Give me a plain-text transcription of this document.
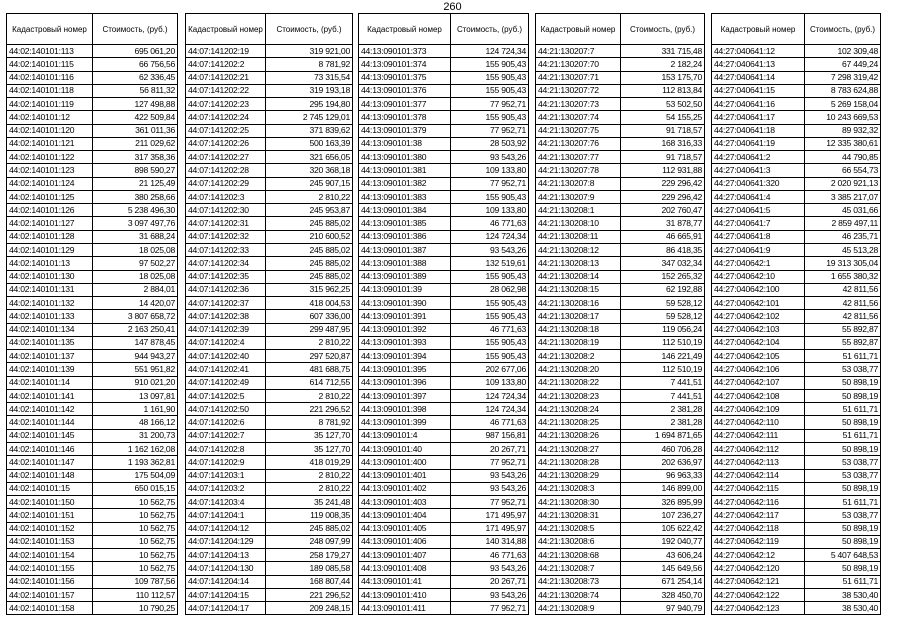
260
Кадастровый номер	Стоимость, (руб.)
44:02:140101:113	695 061,20
44:02:140101:115	66 756,56
44:02:140101:116	62 336,45
44:02:140101:118	56 811,32
44:02:140101:119	127 498,88
44:02:140101:12	422 509,84
44:02:140101:120	361 011,36
44:02:140101:121	211 029,62
44:02:140101:122	317 358,36
44:02:140101:123	898 590,27
44:02:140101:124	21 125,49
44:02:140101:125	380 258,66
44:02:140101:126	5 238 496,30
44:02:140101:127	3 097 497,76
44:02:140101:128	31 688,24
44:02:140101:129	18 025,08
44:02:140101:13	97 502,27
44:02:140101:130	18 025,08
44:02:140101:131	2 884,01
44:02:140101:132	14 420,07
44:02:140101:133	3 807 658,72
44:02:140101:134	2 163 250,41
44:02:140101:135	147 878,45
44:02:140101:137	944 943,27
44:02:140101:139	551 951,82
44:02:140101:14	910 021,20
44:02:140101:141	13 097,81
44:02:140101:142	1 161,90
44:02:140101:144	48 166,12
44:02:140101:145	31 200,73
44:02:140101:146	1 162 162,08
44:02:140101:147	1 193 362,81
44:02:140101:148	175 504,09
44:02:140101:15	650 015,15
44:02:140101:150	10 562,75
44:02:140101:151	10 562,75
44:02:140101:152	10 562,75
44:02:140101:153	10 562,75
44:02:140101:154	10 562,75
44:02:140101:155	10 562,75
44:02:140101:156	109 787,56
44:02:140101:157	110 112,57
44:02:140101:158	10 790,25
Кадастровый номер	Стоимость, (руб.)
44:07:141202:19	319 921,00
44:07:141202:2	8 781,92
44:07:141202:21	73 315,54
44:07:141202:22	319 193,18
44:07:141202:23	295 194,80
44:07:141202:24	2 745 129,01
44:07:141202:25	371 839,62
44:07:141202:26	500 163,39
44:07:141202:27	321 656,05
44:07:141202:28	320 368,18
44:07:141202:29	245 907,15
44:07:141202:3	2 810,22
44:07:141202:30	245 953,87
44:07:141202:31	245 885,02
44:07:141202:32	210 600,52
44:07:141202:33	245 885,02
44:07:141202:34	245 885,02
44:07:141202:35	245 885,02
44:07:141202:36	315 962,25
44:07:141202:37	418 004,53
44:07:141202:38	607 336,00
44:07:141202:39	299 487,95
44:07:141202:4	2 810,22
44:07:141202:40	297 520,87
44:07:141202:41	481 688,75
44:07:141202:49	614 712,55
44:07:141202:5	2 810,22
44:07:141202:50	221 296,52
44:07:141202:6	8 781,92
44:07:141202:7	35 127,70
44:07:141202:8	35 127,70
44:07:141202:9	418 019,29
44:07:141203:1	2 810,22
44:07:141203:2	2 810,22
44:07:141203:4	35 241,48
44:07:141204:1	119 008,35
44:07:141204:12	245 885,02
44:07:141204:129	248 097,99
44:07:141204:13	258 179,27
44:07:141204:130	189 085,58
44:07:141204:14	168 807,44
44:07:141204:15	221 296,52
44:07:141204:17	209 248,15
Кадастровый номер	Стоимость, (руб.)
44:13:090101:373	124 724,34
44:13:090101:374	155 905,43
44:13:090101:375	155 905,43
44:13:090101:376	155 905,43
44:13:090101:377	77 952,71
44:13:090101:378	155 905,43
44:13:090101:379	77 952,71
44:13:090101:38	28 503,92
44:13:090101:380	93 543,26
44:13:090101:381	109 133,80
44:13:090101:382	77 952,71
44:13:090101:383	155 905,43
44:13:090101:384	109 133,80
44:13:090101:385	46 771,63
44:13:090101:386	124 724,34
44:13:090101:387	93 543,26
44:13:090101:388	132 519,61
44:13:090101:389	155 905,43
44:13:090101:39	28 062,98
44:13:090101:390	155 905,43
44:13:090101:391	155 905,43
44:13:090101:392	46 771,63
44:13:090101:393	155 905,43
44:13:090101:394	155 905,43
44:13:090101:395	202 677,06
44:13:090101:396	109 133,80
44:13:090101:397	124 724,34
44:13:090101:398	124 724,34
44:13:090101:399	46 771,63
44:13:090101:4	987 156,81
44:13:090101:40	20 267,71
44:13:090101:400	77 952,71
44:13:090101:401	93 543,26
44:13:090101:402	93 543,26
44:13:090101:403	77 952,71
44:13:090101:404	171 495,97
44:13:090101:405	171 495,97
44:13:090101:406	140 314,88
44:13:090101:407	46 771,63
44:13:090101:408	93 543,26
44:13:090101:41	20 267,71
44:13:090101:410	93 543,26
44:13:090101:411	77 952,71
Кадастровый номер	Стоимость, (руб.)
44:21:130207:7	331 715,48
44:21:130207:70	2 182,24
44:21:130207:71	153 175,70
44:21:130207:72	112 813,84
44:21:130207:73	53 502,50
44:21:130207:74	54 155,25
44:21:130207:75	91 718,57
44:21:130207:76	168 316,33
44:21:130207:77	91 718,57
44:21:130207:78	112 931,88
44:21:130207:8	229 296,42
44:21:130207:9	229 296,42
44:21:130208:1	202 760,47
44:21:130208:10	31 878,77
44:21:130208:11	46 665,91
44:21:130208:12	86 418,35
44:21:130208:13	347 032,34
44:21:130208:14	152 265,32
44:21:130208:15	62 192,88
44:21:130208:16	59 528,12
44:21:130208:17	59 528,12
44:21:130208:18	119 056,24
44:21:130208:19	112 510,19
44:21:130208:2	146 221,49
44:21:130208:20	112 510,19
44:21:130208:22	7 441,51
44:21:130208:23	7 441,51
44:21:130208:24	2 381,28
44:21:130208:25	2 381,28
44:21:130208:26	1 694 871,65
44:21:130208:27	460 706,28
44:21:130208:28	202 636,97
44:21:130208:29	96 963,33
44:21:130208:3	146 899,00
44:21:130208:30	326 895,99
44:21:130208:31	107 236,27
44:21:130208:5	105 622,42
44:21:130208:6	192 040,77
44:21:130208:68	43 606,24
44:21:130208:7	145 649,56
44:21:130208:73	671 254,14
44:21:130208:74	328 450,70
44:21:130208:9	97 940,79
Кадастровый номер	Стоимость, (руб.)
44:27:040641:12	102 309,48
44:27:040641:13	67 449,24
44:27:040641:14	7 298 319,42
44:27:040641:15	8 783 624,88
44:27:040641:16	5 269 158,04
44:27:040641:17	10 243 669,53
44:27:040641:18	89 932,32
44:27:040641:19	12 335 380,61
44:27:040641:2	44 790,85
44:27:040641:3	66 554,73
44:27:040641:320	2 020 921,13
44:27:040641:4	3 385 217,07
44:27:040641:5	45 031,66
44:27:040641:7	2 859 497,11
44:27:040641:8	46 235,71
44:27:040641:9	45 513,28
44:27:040642:1	19 313 305,04
44:27:040642:10	1 655 380,32
44:27:040642:100	42 811,56
44:27:040642:101	42 811,56
44:27:040642:102	42 811,56
44:27:040642:103	55 892,87
44:27:040642:104	55 892,87
44:27:040642:105	51 611,71
44:27:040642:106	53 038,77
44:27:040642:107	50 898,19
44:27:040642:108	50 898,19
44:27:040642:109	51 611,71
44:27:040642:110	50 898,19
44:27:040642:111	51 611,71
44:27:040642:112	50 898,19
44:27:040642:113	53 038,77
44:27:040642:114	53 038,77
44:27:040642:115	50 898,19
44:27:040642:116	51 611,71
44:27:040642:117	53 038,77
44:27:040642:118	50 898,19
44:27:040642:119	50 898,19
44:27:040642:12	5 407 648,53
44:27:040642:120	50 898,19
44:27:040642:121	51 611,71
44:27:040642:122	38 530,40
44:27:040642:123	38 530,40
